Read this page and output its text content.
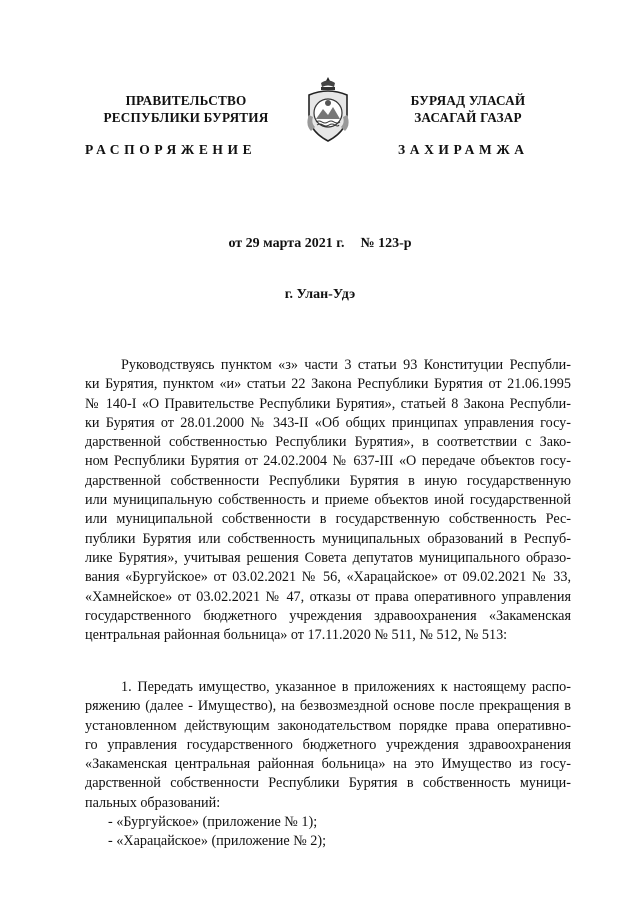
ПРАВИТЕЛЬСТВО
РЕСПУБЛИКИ БУРЯТИЯ
БУРЯАД УЛАСАЙ
ЗАСАГАЙ ГАЗАР
РАСПОРЯЖЕНИЕ	ЗАХИРАМЖА
от 29 марта 2021 г. № 123-р
г. Улан-Удэ
Руководствуясь пунктом «з» части 3 статьи 93 Конституции Республи-
ки Бурятия, пунктом «и» статьи 22 Закона Республики Бурятия от 21.06.1995
№ 140-I «О Правительстве Республики Бурятия», статьей 8 Закона Республи-
ки Бурятия от 28.01.2000 № 343-II «Об общих принципах управления госу-
дарственной собственностью Республики Бурятия», в соответствии с Зако-
ном Республики Бурятия от 24.02.2004 № 637-III «О передаче объектов госу-
дарственной собственности Республики Бурятия в иную государственную
или муниципальную собственность и приеме объектов иной государственной
или муниципальной собственности в государственную собственность Рес-
публики Бурятия или собственность муниципальных образований в Респуб-
лике Бурятия», учитывая решения Совета депутатов муниципального образо-
вания «Бургуйское» от 03.02.2021 № 56, «Харацайское» от 09.02.2021 № 33,
«Хамнейское» от 03.02.2021 № 47, отказы от права оперативного управления
государственного бюджетного учреждения здравоохранения «Закаменская
центральная районная больница» от 17.11.2020 № 511, № 512, № 513:
1. Передать имущество, указанное в приложениях к настоящему распо-
ряжению (далее - Имущество), на безвозмездной основе после прекращения в
установленном действующим законодательством порядке права оперативно-
го управления государственного бюджетного учреждения здравоохранения
«Закаменская центральная районная больница» на это Имущество из госу-
дарственной собственности Республики Бурятия в собственность муници-
пальных образований:
- «Бургуйское» (приложение № 1);
- «Харацайское» (приложение № 2);
